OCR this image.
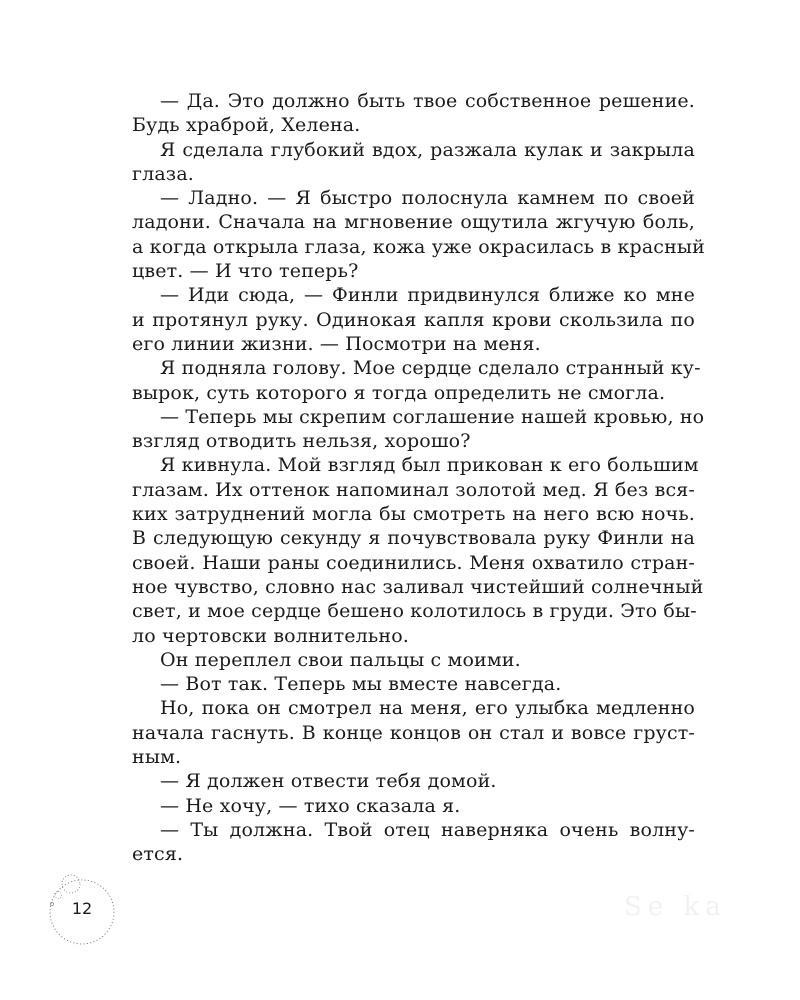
— Да. Это должно быть твое собственное решение.

Будь храброй, Хелена.

Я сделала глубокий вдох, разжала кулак и закрыла

глаза.

— Ладно. — Я быстро полоснула камнем по своей

ладони. Сначала на мгновение ощутила жгучую боль,

а когда открыла глаза, кожа уже окрасилась в красный

цвет. — И что теперь?

— Иди сюда, — Финли придвинулся ближе ко мне

и протянул руку. Одинокая капля крови скользила по

его линии жизни. — Посмотри на меня.

Я подняла голову. Мое сердце сделало странный ку-

вырок, суть которого я тогда определить не смогла.

— Теперь мы скрепим соглашение нашей кровью, но

взгляд отводить нельзя, хорошо?

Я кивнула. Мой взгляд был прикован к его большим

глазам. Их оттенок напоминал золотой мед. Я без вся-

ких затруднений могла бы смотреть на него всю ночь.

В следующую секунду я почувствовала руку Финли на

своей. Наши раны соединились. Меня охватило стран-

ное чувство, словно нас заливал чистейший солнечный

свет, и мое сердце бешено колотилось в груди. Это бы-

ло чертовски волнительно.

Он переплел свои пальцы с моими.

— Вот так. Теперь мы вместе навсегда.

Но, пока он смотрел на меня, его улыбка медленно

начала гаснуть. В конце концов он стал и вовсе груст-

ным.

— Я должен отвести тебя домой.

— Не хочу, — тихо сказала я.

— Ты должна. Твой отец наверняка очень волну-

ется.

12	Se ka
